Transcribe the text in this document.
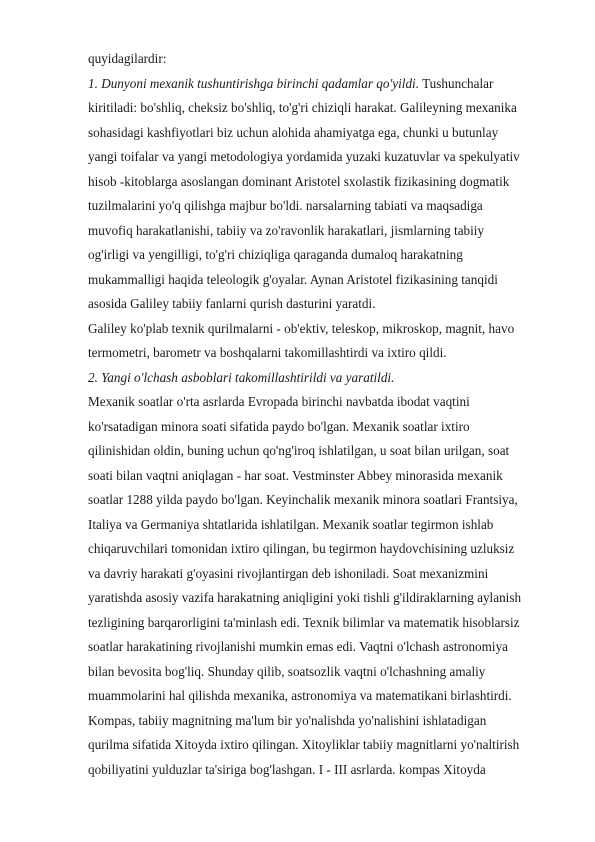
quyidagilardir:
1. Dunyoni mexanik tushuntirishga birinchi qadamlar qo'yildi. Tushunchalar
kiritiladi: bo'shliq, cheksiz bo'shliq, to'g'ri chiziqli harakat. Galileyning mexanika
sohasidagi kashfiyotlari biz uchun alohida ahamiyatga ega, chunki u butunlay
yangi toifalar va yangi metodologiya yordamida yuzaki kuzatuvlar va spekulyativ
hisob -kitoblarga asoslangan dominant Aristotel sxolastik fizikasining dogmatik
tuzilmalarini yo'q qilishga majbur bo'ldi. narsalarning tabiati va maqsadiga
muvofiq harakatlanishi, tabiiy va zo'ravonlik harakatlari, jismlarning tabiiy
og'irligi va yengilligi, to'g'ri chiziqliga qaraganda dumaloq harakatning
mukammalligi haqida teleologik g'oyalar. Aynan Aristotel fizikasining tanqidi
asosida Galiley tabiiy fanlarni qurish dasturini yaratdi.
Galiley ko'plab texnik qurilmalarni - ob'ektiv, teleskop, mikroskop, magnit, havo
termometri, barometr va boshqalarni takomillashtirdi va ixtiro qildi.
2. Yangi o'lchash asboblari takomillashtirildi va yaratildi.
Mexanik soatlar o'rta asrlarda Evropada birinchi navbatda ibodat vaqtini
ko'rsatadigan minora soati sifatida paydo bo'lgan. Mexanik soatlar ixtiro
qilinishidan oldin, buning uchun qo'ng'iroq ishlatilgan, u soat bilan urilgan, soat
soati bilan vaqtni aniqlagan - har soat. Vestminster Abbey minorasida mexanik
soatlar 1288 yilda paydo bo'lgan. Keyinchalik mexanik minora soatlari Frantsiya,
Italiya va Germaniya shtatlarida ishlatilgan. Mexanik soatlar tegirmon ishlab
chiqaruvchilari tomonidan ixtiro qilingan, bu tegirmon haydovchisining uzluksiz
va davriy harakati g'oyasini rivojlantirgan deb ishoniladi. Soat mexanizmini
yaratishda asosiy vazifa harakatning aniqligini yoki tishli g'ildiraklarning aylanish
tezligining barqarorligini ta'minlash edi. Texnik bilimlar va matematik hisoblarsiz
soatlar harakatining rivojlanishi mumkin emas edi. Vaqtni o'lchash astronomiya
bilan bevosita bog'liq. Shunday qilib, soatsozlik vaqtni o'lchashning amaliy
muammolarini hal qilishda mexanika, astronomiya va matematikani birlashtirdi.
Kompas, tabiiy magnitning ma'lum bir yo'nalishda yo'nalishini ishlatadigan
qurilma sifatida Xitoyda ixtiro qilingan. Xitoyliklar tabiiy magnitlarni yo'naltirish
qobiliyatini yulduzlar ta'siriga bog'lashgan. I - III asrlarda. kompas Xitoyda
